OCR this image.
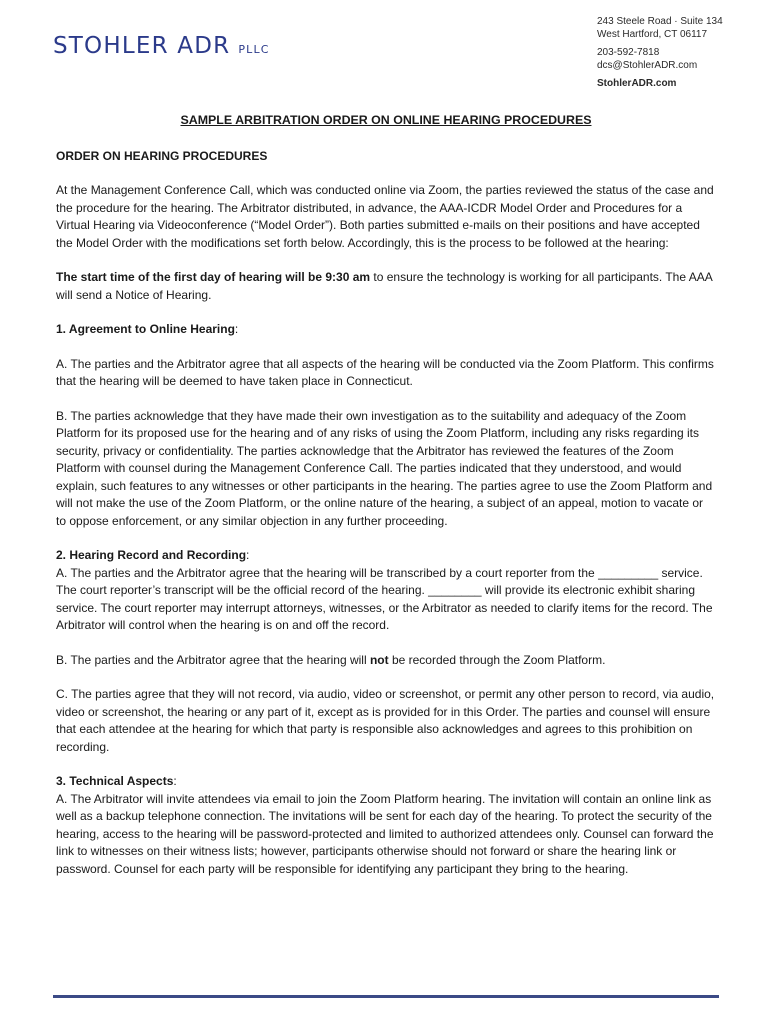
STOHLER ADR PLLC
243 Steele Road · Suite 134
West Hartford, CT 06117
203-592-7818
dcs@StohlerADR.com
StohlerADR.com
SAMPLE ARBITRATION ORDER ON ONLINE HEARING PROCEDURES

ORDER ON HEARING PROCEDURES

At the Management Conference Call, which was conducted online via Zoom, the parties reviewed the status of the case and the procedure for the hearing. The Arbitrator distributed, in advance, the AAA-ICDR Model Order and Procedures for a Virtual Hearing via Videoconference (“Model Order”). Both parties submitted e-mails on their positions and have accepted the Model Order with the modifications set forth below. Accordingly, this is the process to be followed at the hearing:

The start time of the first day of hearing will be 9:30 am to ensure the technology is working for all participants. The AAA will send a Notice of Hearing.

1. Agreement to Online Hearing:

A. The parties and the Arbitrator agree that all aspects of the hearing will be conducted via the Zoom Platform. This confirms that the hearing will be deemed to have taken place in Connecticut.

B. The parties acknowledge that they have made their own investigation as to the suitability and adequacy of the Zoom Platform for its proposed use for the hearing and of any risks of using the Zoom Platform, including any risks regarding its security, privacy or confidentiality. The parties acknowledge that the Arbitrator has reviewed the features of the Zoom Platform with counsel during the Management Conference Call. The parties indicated that they understood, and would explain, such features to any witnesses or other participants in the hearing. The parties agree to use the Zoom Platform and will not make the use of the Zoom Platform, or the online nature of the hearing, a subject of an appeal, motion to vacate or to oppose enforcement, or any similar objection in any further proceeding.

2. Hearing Record and Recording:

A. The parties and the Arbitrator agree that the hearing will be transcribed by a court reporter from the _________ service. The court reporter’s transcript will be the official record of the hearing. ________ will provide its electronic exhibit sharing service. The court reporter may interrupt attorneys, witnesses, or the Arbitrator as needed to clarify items for the record. The Arbitrator will control when the hearing is on and off the record.

B. The parties and the Arbitrator agree that the hearing will not be recorded through the Zoom Platform.

C. The parties agree that they will not record, via audio, video or screenshot, or permit any other person to record, via audio, video or screenshot, the hearing or any part of it, except as is provided for in this Order. The parties and counsel will ensure that each attendee at the hearing for which that party is responsible also acknowledges and agrees to this prohibition on recording.

3. Technical Aspects:

A. The Arbitrator will invite attendees via email to join the Zoom Platform hearing. The invitation will contain an online link as well as a backup telephone connection. The invitations will be sent for each day of the hearing. To protect the security of the hearing, access to the hearing will be password-protected and limited to authorized attendees only. Counsel can forward the link to witnesses on their witness lists; however, participants otherwise should not forward or share the hearing link or password. Counsel for each party will be responsible for identifying any participant they bring to the hearing.
